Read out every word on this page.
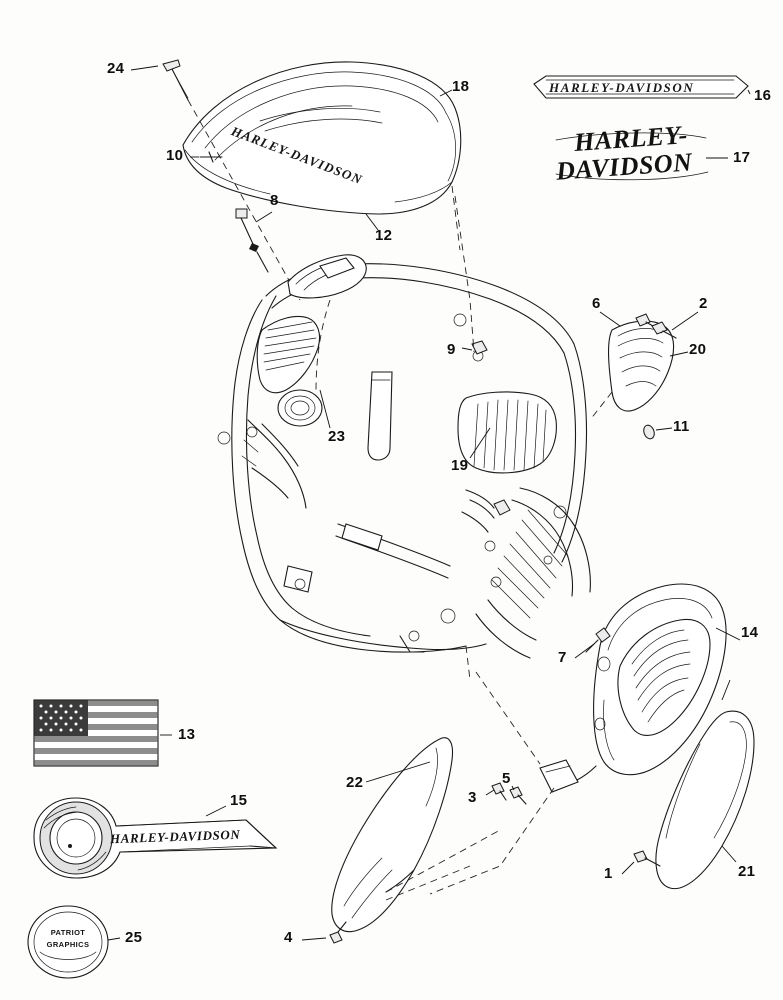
HARLEY-DAVIDSON
HARLEY-DAVIDSON
HARLEY-
DAVIDSON
HARLEY-DAVIDSON
PATRIOT
GRAPHICS
1
2
3
4
5
6
7
8
9
10
11
12
13
14
15
16
17
18
19
20
21
22
23
24
25
